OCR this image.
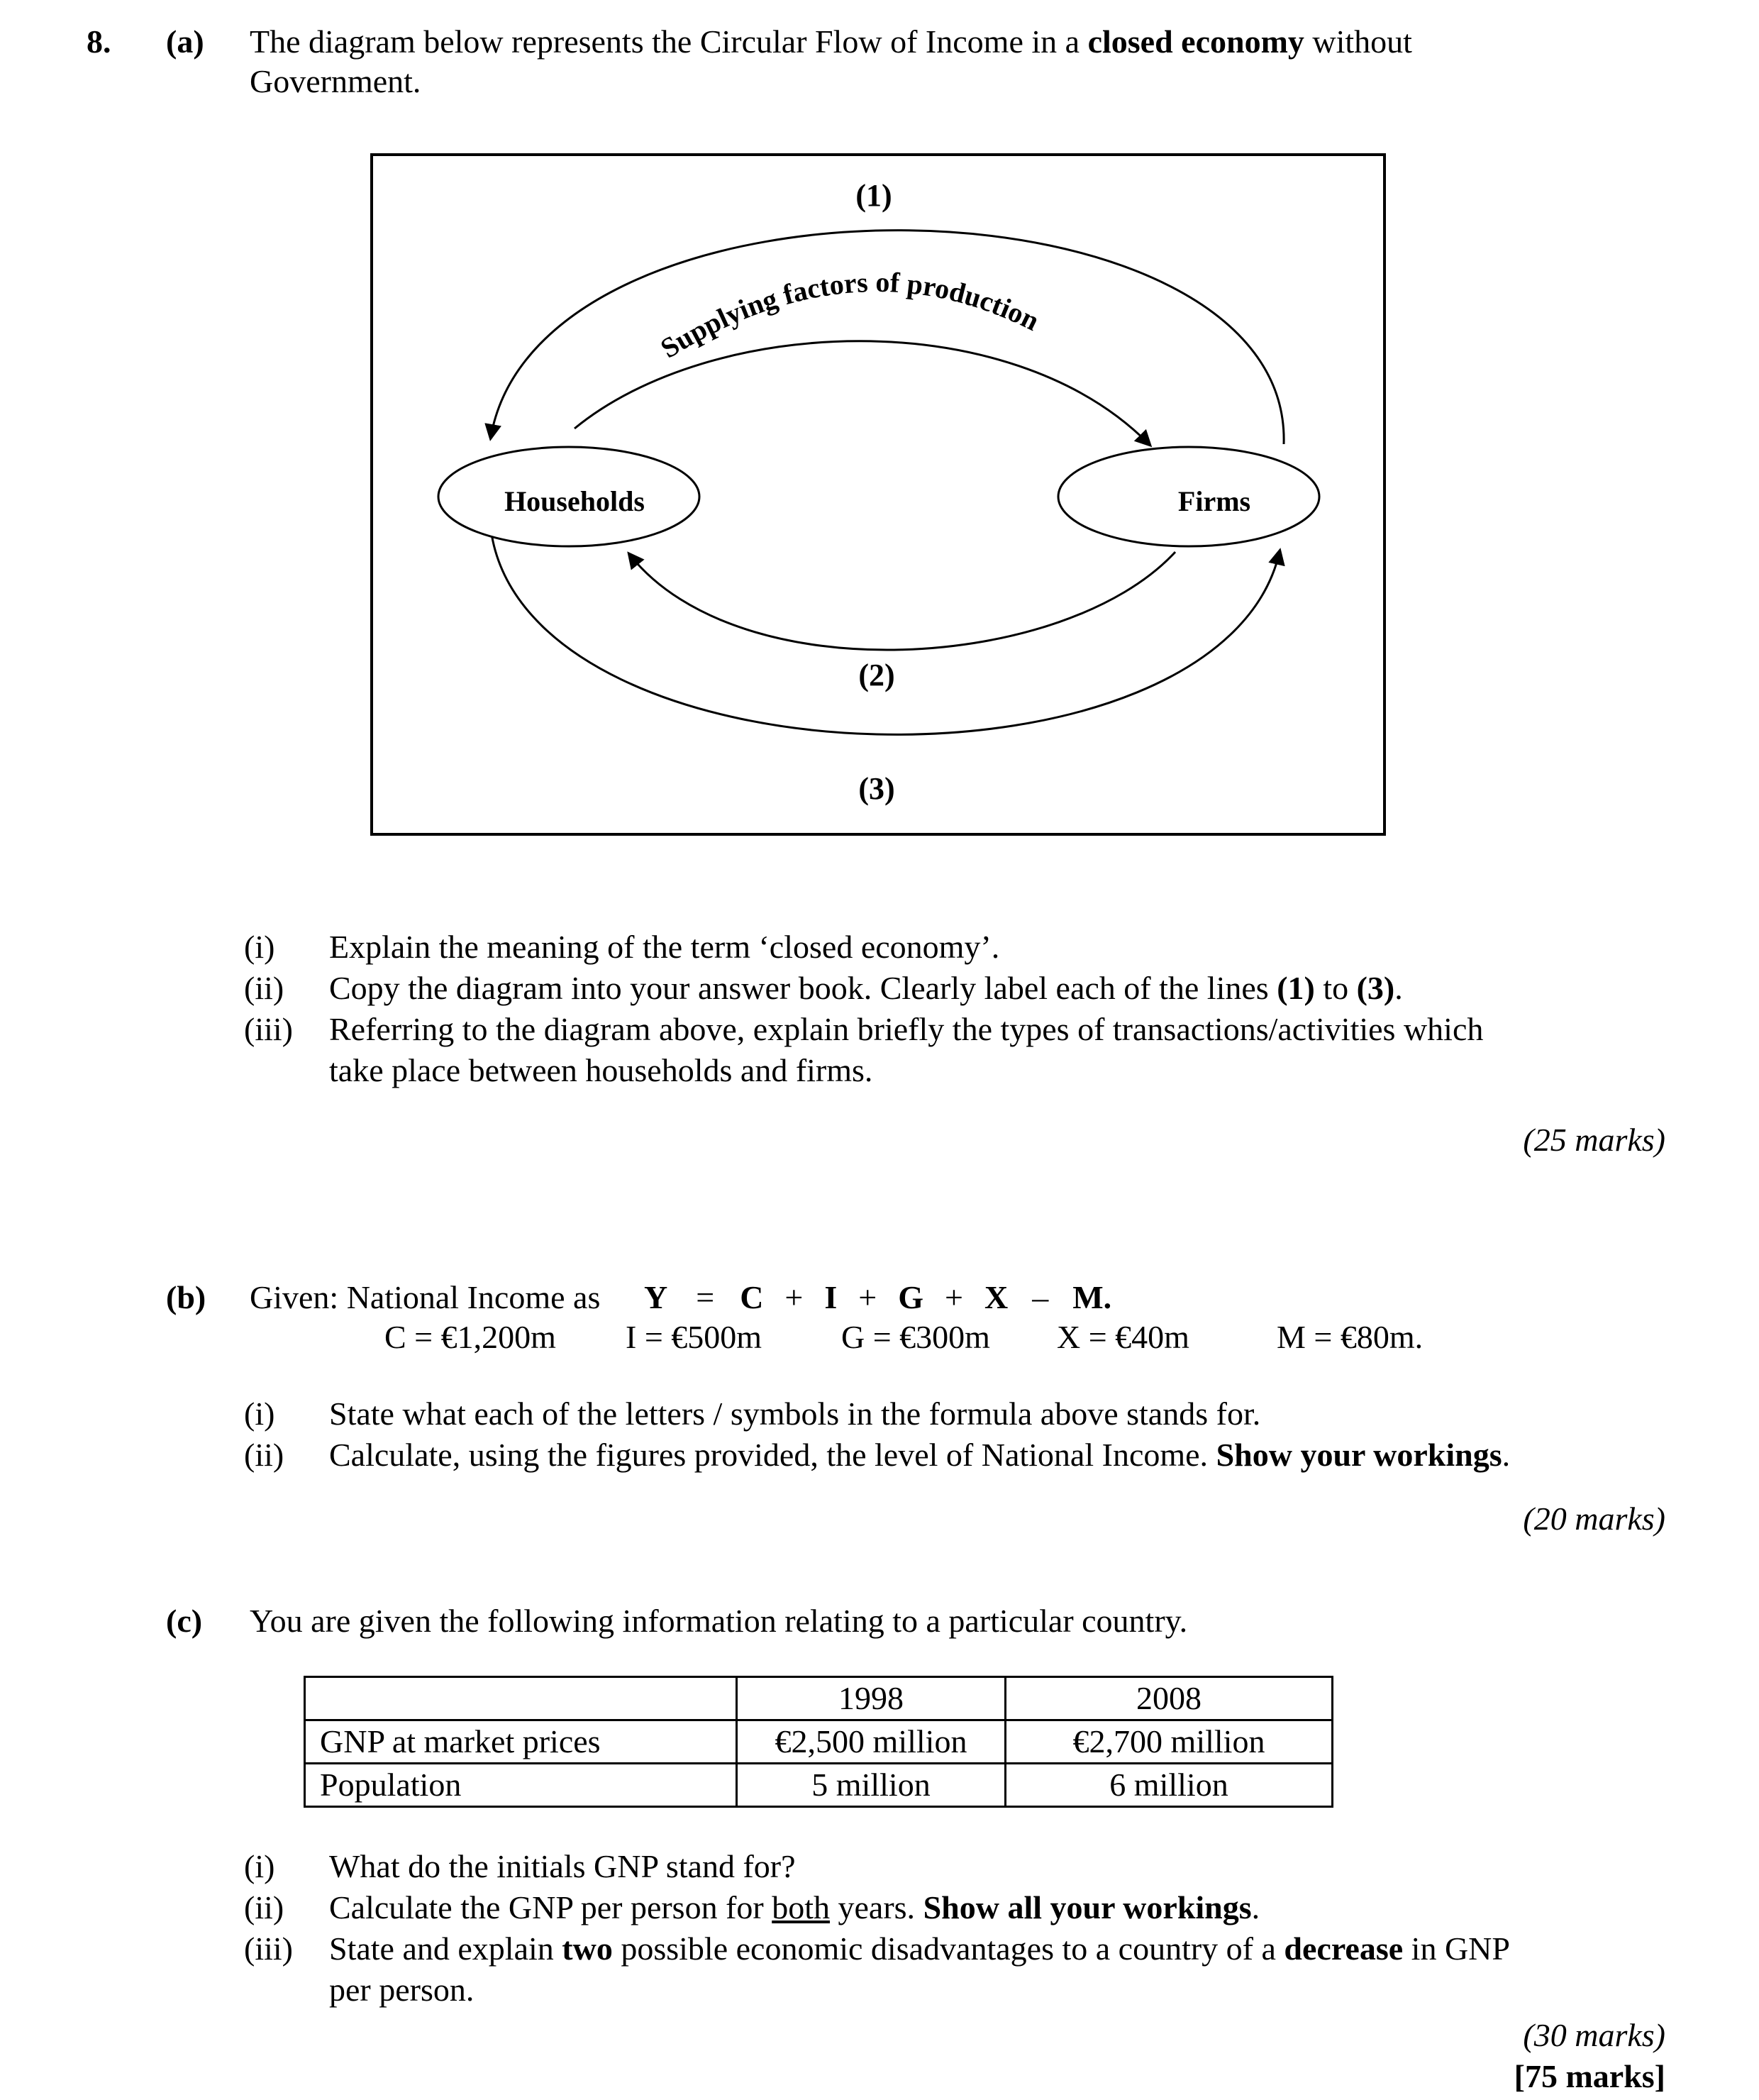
8. (a) The diagram below represents the Circular Flow of Income in a closed economy without
Government.
Households	Firms
(1)
(2)
(3)
Supplying factors of production
(i) Explain the meaning of the term ‘closed economy’.
(ii) Copy the diagram into your answer book. Clearly label each of the lines (1) to (3).
(iii) Referring to the diagram above, explain briefly the types of transactions/activities which
take place between households and firms.
(25 marks)
(b) Given: National Income as Y = C + I + G + X – M.
C = €1,200m I = €500m G = €300m X = €40m	M = €80m.
(i) State what each of the letters / symbols in the formula above stands for.
(ii) Calculate, using the figures provided, the level of National Income. Show your workings.
(20 marks)
(c) You are given the following information relating to a particular country.
	1998	2008
GNP at market prices	€2,500 million	€2,700 million
Population	5 million	6 million
(i) What do the initials GNP stand for?
(ii) Calculate the GNP per person for both years. Show all your workings.
(iii) State and explain two possible economic disadvantages to a country of a decrease in GNP
per person.
(30 marks)
[75 marks]
